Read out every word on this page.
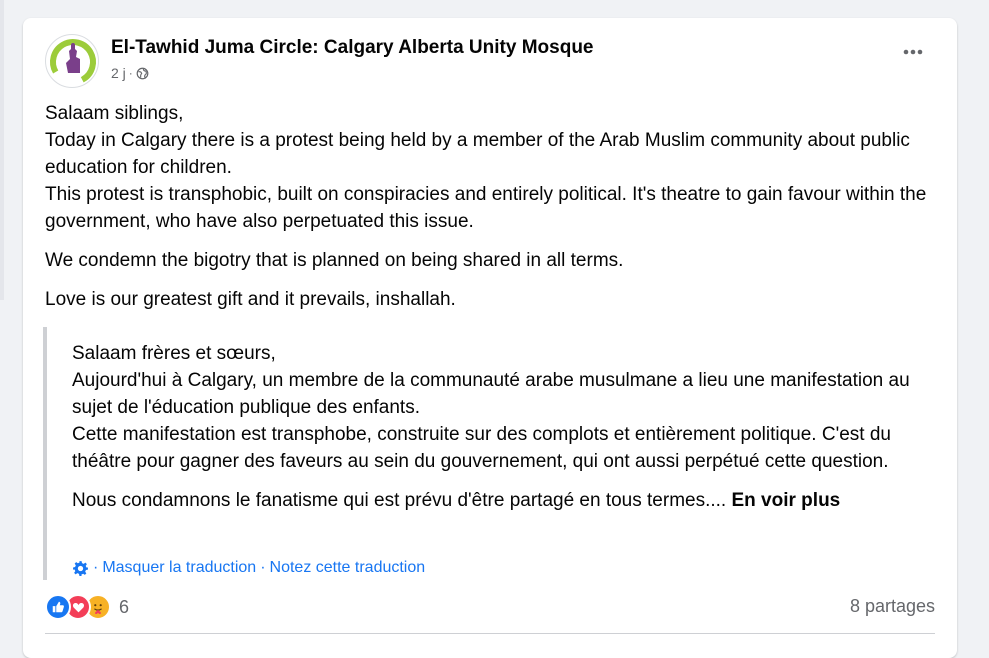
El-Tawhid Juma Circle: Calgary Alberta Unity Mosque
2 j ·

Salaam siblings,

Today in Calgary there is a protest being held by a member of the Arab Muslim community about public education for children.

This protest is transphobic, built on conspiracies and entirely political. It's theatre to gain favour within the government, who have also perpetuated this issue.

We condemn the bigotry that is planned on being shared in all terms.

Love is our greatest gift and it prevails, inshallah.

Salaam frères et sœurs,

Aujourd'hui à Calgary, un membre de la communauté arabe musulmane a lieu une manifestation au sujet de l'éducation publique des enfants.

Cette manifestation est transphobe, construite sur des complots et entièrement politique. C'est du théâtre pour gagner des faveurs au sein du gouvernement, qui ont aussi perpétué cette question.

Nous condamnons le fanatisme qui est prévu d'être partagé en tous termes.... En voir plus

· Masquer la traduction · Notez cette traduction
6	8 partages
